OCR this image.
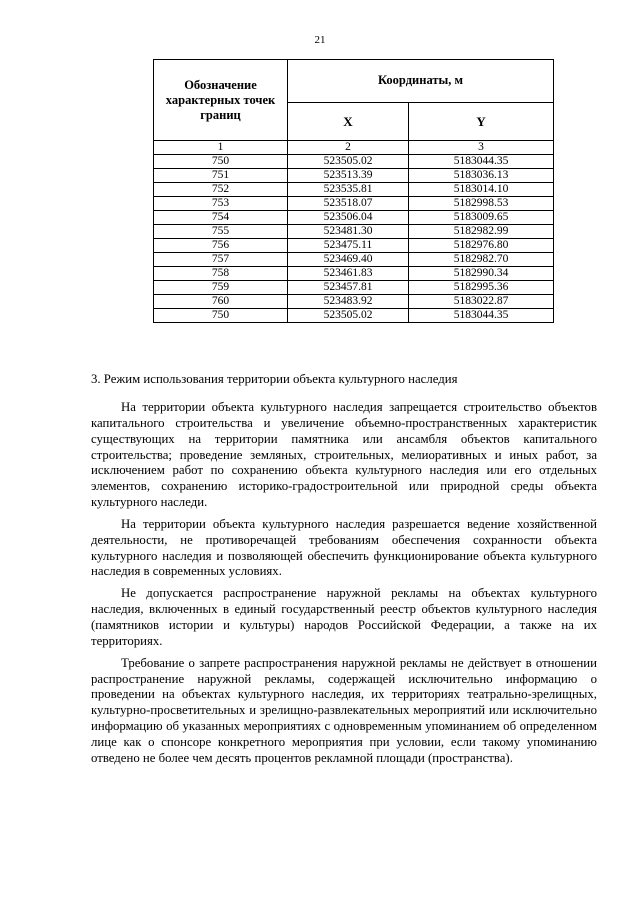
21
Обозначение характерных точек границ	Координаты, м	
	X	Y
1	2	3
750	523505.02	5183044.35
751	523513.39	5183036.13
752	523535.81	5183014.10
753	523518.07	5182998.53
754	523506.04	5183009.65
755	523481.30	5182982.99
756	523475.11	5182976.80
757	523469.40	5182982.70
758	523461.83	5182990.34
759	523457.81	5182995.36
760	523483.92	5183022.87
750	523505.02	5183044.35
3. Режим использования территории объекта культурного наследия

На территории объекта культурного наследия запрещается строительство объектов капитального строительства и увеличение объемно-пространственных характеристик существующих на территории памятника или ансамбля объектов капитального строительства; проведение земляных, строительных, мелиоративных и иных работ, за исключением работ по сохранению объекта культурного наследия или его отдельных элементов, сохранению историко-градостроительной или природной среды объекта культурного наследи.

На территории объекта культурного наследия разрешается ведение хозяйственной деятельности, не противоречащей требованиям обеспечения сохранности объекта культурного наследия и позволяющей обеспечить функционирование объекта культурного наследия в современных условиях.

Не допускается распространение наружной рекламы на объектах культурного наследия, включенных в единый государственный реестр объектов культурного наследия (памятников истории и культуры) народов Российской Федерации, а также на их территориях.

Требование о запрете распространения наружной рекламы не действует в отношении распространение наружной рекламы, содержащей исключительно информацию о проведении на объектах культурного наследия, их территориях театрально-зрелищных, культурно-просветительных и зрелищно-развлекательных мероприятий или исключительно информацию об указанных мероприятиях с одновременным упоминанием об определенном лице как о спонсоре конкретного мероприятия при условии, если такому упоминанию отведено не более чем десять процентов рекламной площади (пространства).
